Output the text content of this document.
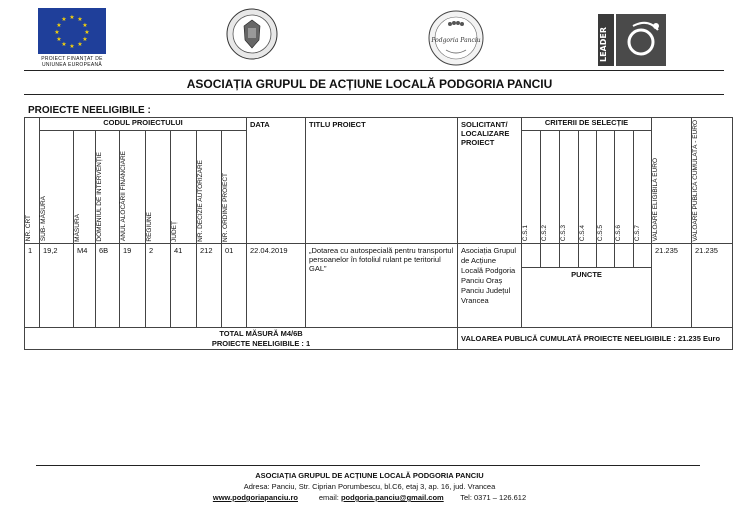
★ ★
★
★
★
★
★
★
★
★
★
★
PROIECT FINANȚAT DE UNIUNEA EUROPEANĂ
Podgoria Panciu	LEADER
ASOCIAȚIA GRUPUL DE ACȚIUNE LOCALĂ PODGORIA PANCIU
PROIECTE NEELIGIBILE :
NR. CRT	CODUL PROIECTULUI								DATA	TITLU PROIECT	SOLICITANT/ LOCALIZARE PROIECT	CRITERII DE SELECȚIE							VALOARE ELIGIBILĂ EURO	VALOARE PUBLICĂ CUMULATĂ - EURO

	SUB- MĂSURA	MĂSURA	DOMENIUL DE INTERVENȚIE	ANUL ALOCĂRII FINANCIARE	REGIUNE	JUDEȚ	NR. DECIZIE AUTORIZARE	NR. ORDINE PROIECT				C.S.1	C.S.2	C.S.3	C.S.4	C.S.5	C.S.6	C.S.7		

1	19,2	M4	6B	19	2	41	212	01	22.04.2019	„Dotarea cu autospecială pentru transportul persoanelor în fotoliul rulant pe teritoriul GAL”	Asociația Grupul de Acțiune Locală Podgoria Panciu Oraș Panciu Județul Vrancea								21.235	21.235
												PUNCTE								
TOTAL MĂSURĂ M4/6B
PROIECTE NEELIGIBILE : 1											VALOAREA PUBLICĂ CUMULATĂ PROIECTE NEELIGIBILE : 21.235 Euro									
ASOCIAȚIA GRUPUL DE ACȚIUNE LOCALĂ PODGORIA PANCIU
Adresa: Panciu, Str. Ciprian Porumbescu, bl.C6, etaj 3, ap. 16, jud. Vrancea
www.podgoriapanciu.ro	email: podgoria.panciu@gmail.com Tel: 0371 – 126.612
